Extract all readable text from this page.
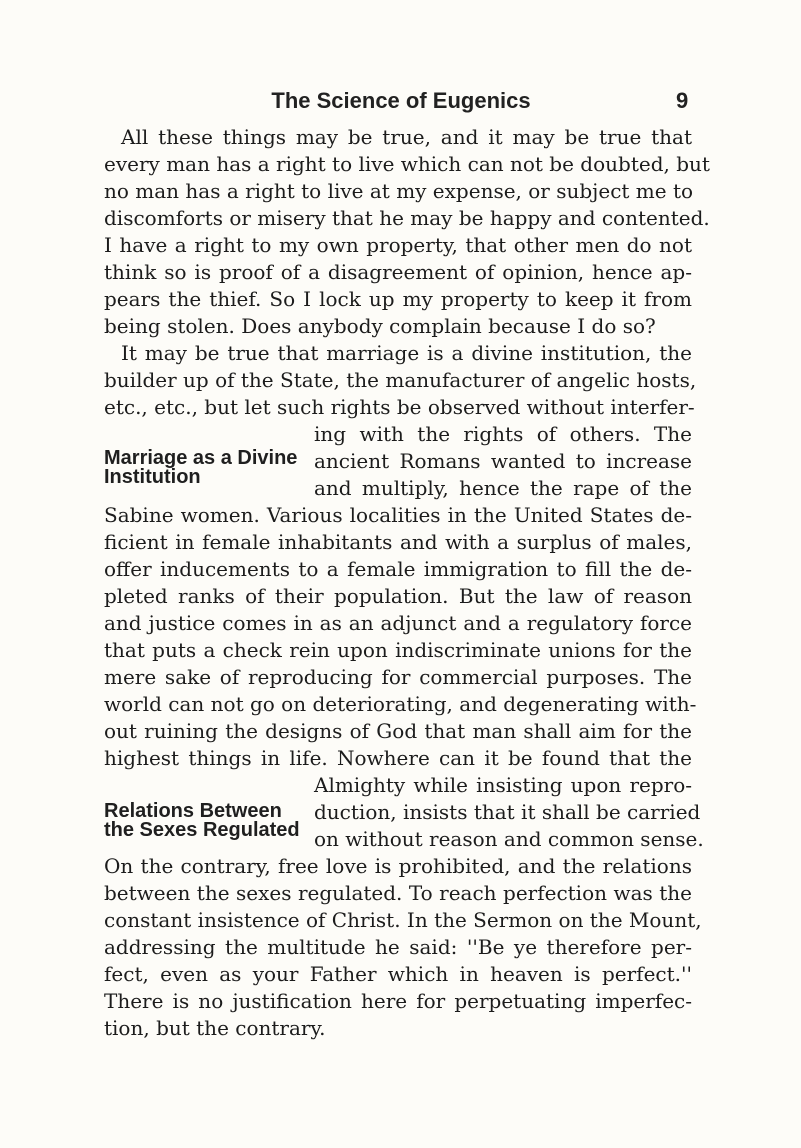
The Science of Eugenics	9
All these things may be true, and it may be true that
every man has a right to live which can not be doubted, but
no man has a right to live at my expense, or subject me to
discomforts or misery that he may be happy and contented.
I have a right to my own property, that other men do not
think so is proof of a disagreement of opinion, hence ap-
pears the thief. So I lock up my property to keep it from
being stolen. Does anybody complain because I do so?
It may be true that marriage is a divine institution, the
builder up of the State, the manufacturer of angelic hosts,
etc., etc., but let such rights be observed without interfer-
ing with the rights of others. The
Marriage as a Divine
Institution
ancient Romans wanted to increase
and multiply, hence the rape of the
Sabine women. Various localities in the United States de-
ficient in female inhabitants and with a surplus of males,
offer inducements to a female immigration to fill the de-
pleted ranks of their population. But the law of reason
and justice comes in as an adjunct and a regulatory force
that puts a check rein upon indiscriminate unions for the
mere sake of reproducing for commercial purposes. The
world can not go on deteriorating, and degenerating with-
out ruining the designs of God that man shall aim for the
highest things in life. Nowhere can it be found that the
Almighty while insisting upon repro-
Relations Between
the Sexes Regulated
duction, insists that it shall be carried
on without reason and common sense.
On the contrary, free love is prohibited, and the relations
between the sexes regulated. To reach perfection was the
constant insistence of Christ. In the Sermon on the Mount,
addressing the multitude he said: ''Be ye therefore per-
fect, even as your Father which in heaven is perfect.''
There is no justification here for perpetuating imperfec-
tion, but the contrary.
